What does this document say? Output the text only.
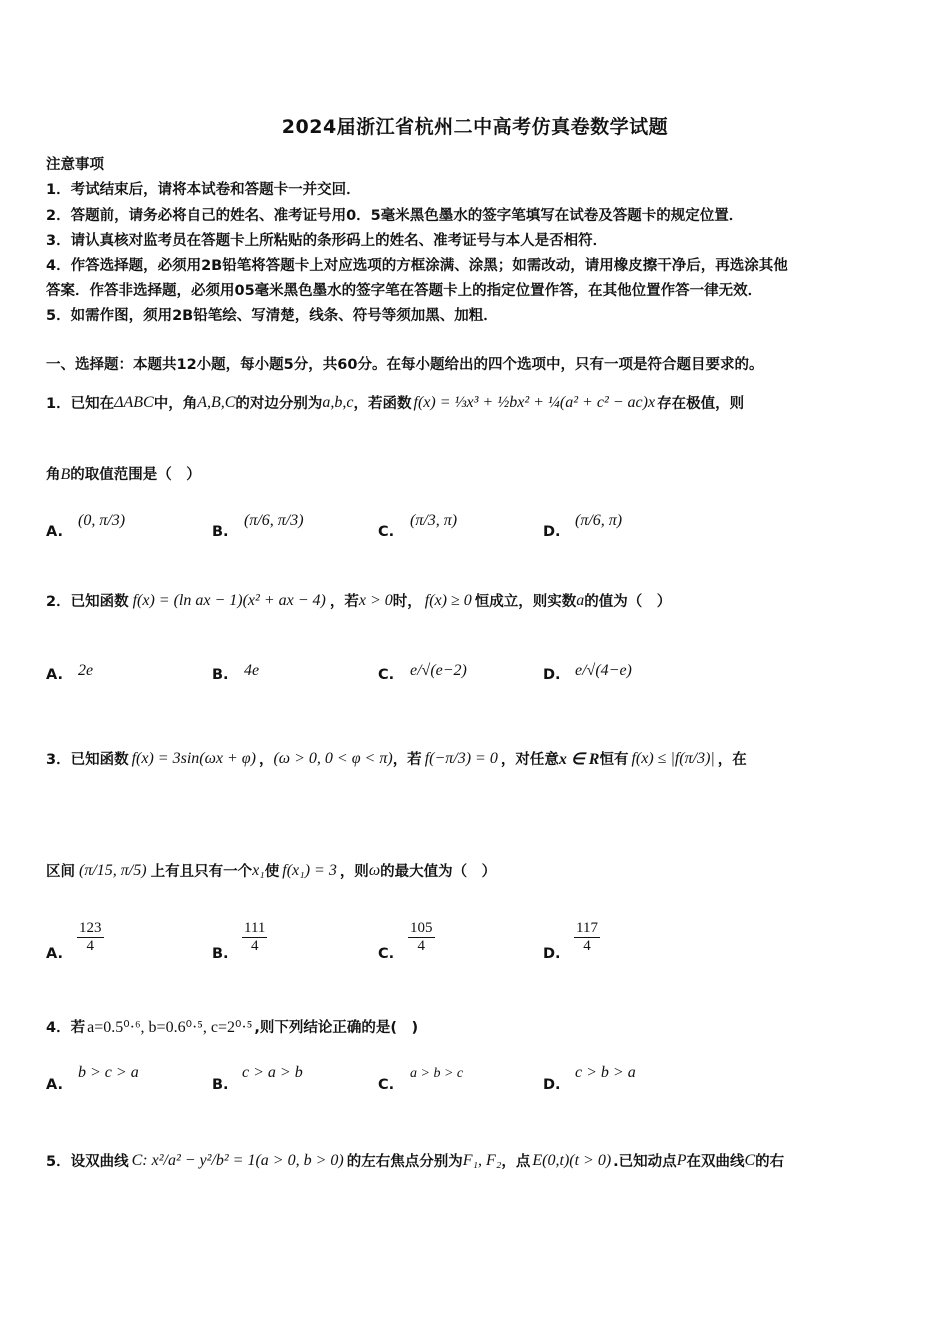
2024届浙江省杭州二中高考仿真卷数学试题
注意事项
1．考试结束后，请将本试卷和答题卡一并交回．
2．答题前，请务必将自己的姓名、准考证号用0．5毫米黑色墨水的签字笔填写在试卷及答题卡的规定位置．
3．请认真核对监考员在答题卡上所粘贴的条形码上的姓名、准考证号与本人是否相符．
4．作答选择题，必须用2B铅笔将答题卡上对应选项的方框涂满、涂黑；如需改动，请用橡皮擦干净后，再选涂其他
答案．作答非选择题，必须用05毫米黑色墨水的签字笔在答题卡上的指定位置作答，在其他位置作答一律无效．
5．如需作图，须用2B铅笔绘、写清楚，线条、符号等须加黑、加粗．
一、选择题：本题共12小题，每小题5分，共60分。在每小题给出的四个选项中，只有一项是符合题目要求的。
1．已知在 ΔABC 中，角 A,B,C 的对边分别为 a,b,c ，若函数 f(x) = ⅓x³ + ½bx² + ¼(a² + c² − ac)x 存在极值，则
角B的取值范围是（　）
A.
(0, π/3)
B.
(π/6, π/3)
C.
(π/3, π)
D.
(π/6, π)
2．已知函数 f(x) = (ln ax − 1)(x² + ax − 4) ，若 x > 0 时， f(x) ≥ 0 恒成立，则实数 a 的值为（　）
A. 2e	B. 4e	C. e/√(e−2)	D. e/√(4−e)
3．已知函数 f(x) = 3sin(ωx + φ) ， (ω > 0, 0 < φ < π) ，若 f(−π/3) = 0 ，对任意 x ∈ R 恒有 f(x) ≤ |f(π/3)| ，在
区间 (π/15, π/5) 上有且只有一个 x₁ 使 f(x₁) = 3 ，则 ω 的最大值为（　）
A. $\frac{123}{4}$	B. $\frac{111}{4}$	C. $\frac{105}{4}$	D. $\frac{117}{4}$
4．若 a=0.5⁰·⁶, b=0.6⁰·⁵, c=2⁰·⁵ ,则下列结论正确的是(　)
A.
b > c > a
B.
c > a > b
C.
a > b > c
D.
c > b > a
5．设双曲线 C: x²/a² − y²/b² = 1(a > 0, b > 0) 的左右焦点分别为 F₁, F₂ ，点 E(0,t)(t > 0) .已知动点 P 在双曲线 C 的右
